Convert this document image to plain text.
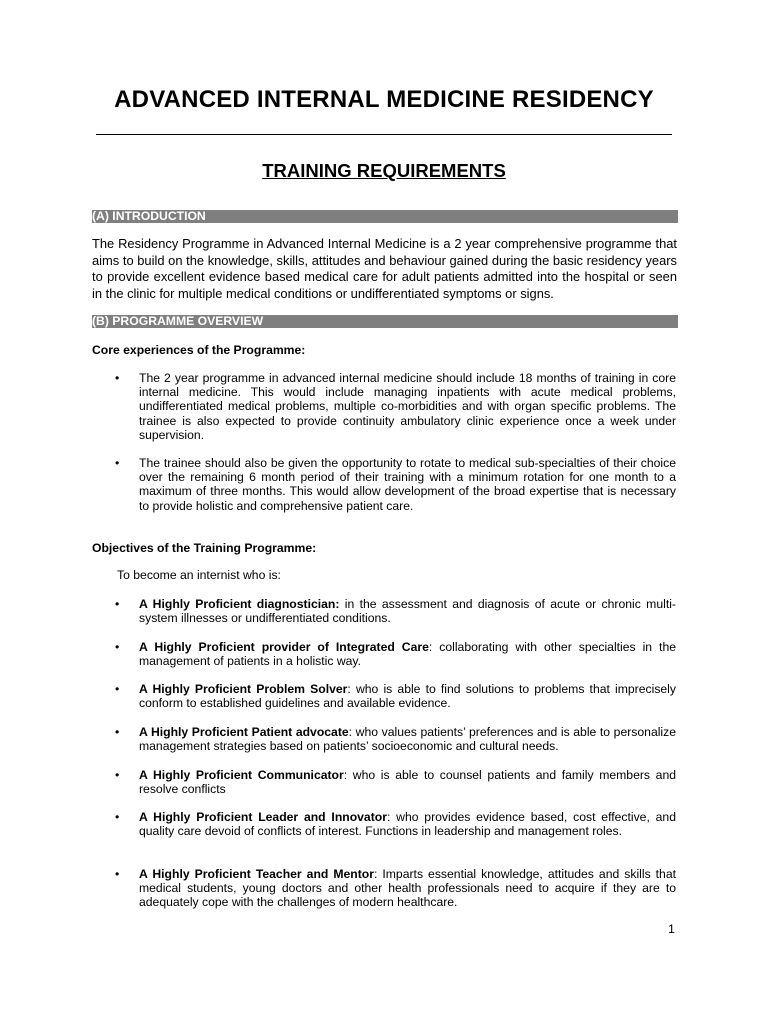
ADVANCED INTERNAL MEDICINE RESIDENCY
TRAINING REQUIREMENTS
(A) INTRODUCTION
The Residency Programme in Advanced Internal Medicine is a 2 year comprehensive programme that aims to build on the knowledge, skills, attitudes and behaviour gained during the basic residency years to provide excellent evidence based medical care for adult patients admitted into the hospital or seen in the clinic for multiple medical conditions or undifferentiated symptoms or signs.
(B) PROGRAMME OVERVIEW
Core experiences of the Programme:
• The 2 year programme in advanced internal medicine should include 18 months of training in core internal medicine. This would include managing inpatients with acute medical problems, undifferentiated medical problems, multiple co-morbidities and with organ specific problems. The trainee is also expected to provide continuity ambulatory clinic experience once a week under supervision.
• The trainee should also be given the opportunity to rotate to medical sub-specialties of their choice over the remaining 6 month period of their training with a minimum rotation for one month to a maximum of three months. This would allow development of the broad expertise that is necessary to provide holistic and comprehensive patient care.
Objectives of the Training Programme:
To become an internist who is:
• A Highly Proficient diagnostician: in the assessment and diagnosis of acute or chronic multi-system illnesses or undifferentiated conditions.
• A Highly Proficient provider of Integrated Care: collaborating with other specialties in the management of patients in a holistic way.
• A Highly Proficient Problem Solver: who is able to find solutions to problems that imprecisely conform to established guidelines and available evidence.
• A Highly Proficient Patient advocate: who values patients’ preferences and is able to personalize management strategies based on patients’ socioeconomic and cultural needs.
• A Highly Proficient Communicator: who is able to counsel patients and family members and resolve conflicts
• A Highly Proficient Leader and Innovator: who provides evidence based, cost effective, and quality care devoid of conflicts of interest. Functions in leadership and management roles.
• A Highly Proficient Teacher and Mentor: Imparts essential knowledge, attitudes and skills that medical students, young doctors and other health professionals need to acquire if they are to adequately cope with the challenges of modern healthcare.
1
